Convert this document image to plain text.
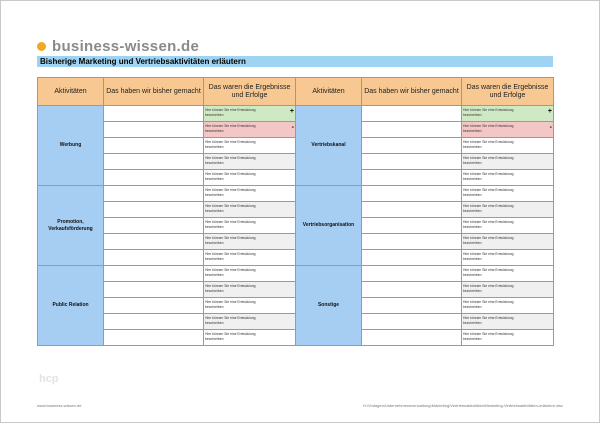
business-wissen.de
Bisherige Marketing und Vertriebsaktivitäten erläutern
Aktivitäten	Das haben wir bisher gemacht	Das waren die Ergebnisse und Erfolge
Werbung		Hier können Sie eine Entwicklung
beschreiben +

		Hier können Sie eine Entwicklung
beschreiben -

		Hier können Sie eine Entwicklung
beschreiben

		Hier können Sie eine Entwicklung
beschreiben

		Hier können Sie eine Entwicklung
beschreiben

Promotion, Verkaufsförderung		Hier können Sie eine Entwicklung
beschreiben

		Hier können Sie eine Entwicklung
beschreiben

		Hier können Sie eine Entwicklung
beschreiben

		Hier können Sie eine Entwicklung
beschreiben

		Hier können Sie eine Entwicklung
beschreiben

Public Relation		Hier können Sie eine Entwicklung
beschreiben

		Hier können Sie eine Entwicklung
beschreiben

		Hier können Sie eine Entwicklung
beschreiben

		Hier können Sie eine Entwicklung
beschreiben

		Hier können Sie eine Entwicklung
beschreiben
Aktivitäten	Das haben wir bisher gemacht	Das waren die Ergebnisse und Erfolge
Vertriebskanal		Hier können Sie eine Entwicklung
beschreiben +

		Hier können Sie eine Entwicklung
beschreiben -

		Hier können Sie eine Entwicklung
beschreiben

		Hier können Sie eine Entwicklung
beschreiben

		Hier können Sie eine Entwicklung
beschreiben

Vertriebsorganisation		Hier können Sie eine Entwicklung
beschreiben

		Hier können Sie eine Entwicklung
beschreiben

		Hier können Sie eine Entwicklung
beschreiben

		Hier können Sie eine Entwicklung
beschreiben

		Hier können Sie eine Entwicklung
beschreiben

Sonstige		Hier können Sie eine Entwicklung
beschreiben

		Hier können Sie eine Entwicklung
beschreiben

		Hier können Sie eine Entwicklung
beschreiben

		Hier können Sie eine Entwicklung
beschreiben

		Hier können Sie eine Entwicklung
beschreiben
hcp
www.business-wissen.de	H:\Vorlagen\Unternehmensverwaltung\Marketing\Vertriebsaktivitäten\Marketing-Vertriebsaktivitäten-erläutern.xlsx
